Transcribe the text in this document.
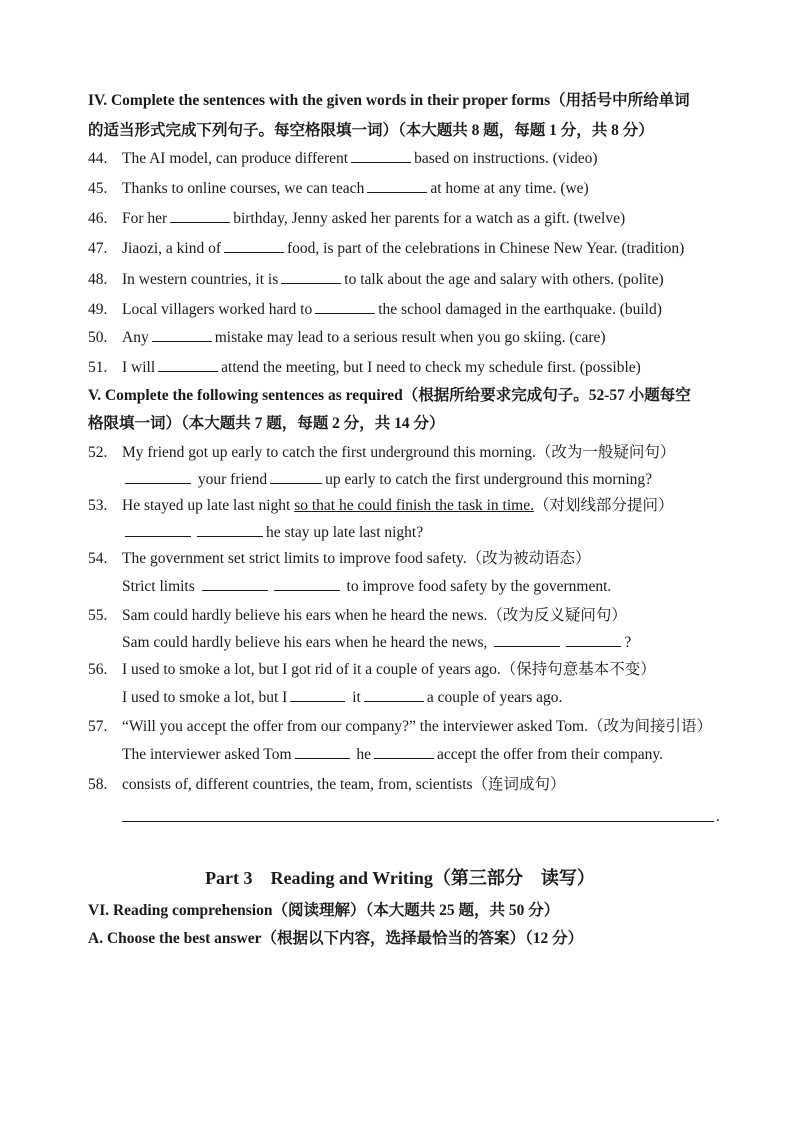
IV. Complete the sentences with the given words in their proper forms（用括号中所给单词
的适当形式完成下列句子。每空格限填一词）（本大题共 8 题，每题 1 分，共 8 分）
44. The AI model, can produce different	based on instructions. (video)
45. Thanks to online courses, we can teach	at home at any time. (we)
46. For her	birthday, Jenny asked her parents for a watch as a gift. (twelve)
47. Jiaozi, a kind of	food, is part of the celebrations in Chinese New Year. (tradition)
48. In western countries, it is	to talk about the age and salary with others. (polite)
49. Local villagers worked hard to	the school damaged in the earthquake. (build)
50. Any	mistake may lead to a serious result when you go skiing. (care)
51. I will	attend the meeting, but I need to check my schedule first. (possible)
V. Complete the following sentences as required（根据所给要求完成句子。52-57 小题每空
格限填一词）（本大题共 7 题，每题 2 分，共 14 分）
52. My friend got up early to catch the first underground this morning.（改为一般疑问句）
your friend	up early to catch the first underground this morning?
53. He stayed up late last night so that he could finish the task in time.（对划线部分提问）
he stay up late last night?
54. The government set strict limits to improve food safety.（改为被动语态）
Strict limits	to improve food safety by the government.
55. Sam could hardly believe his ears when he heard the news.（改为反义疑问句）
Sam could hardly believe his ears when he heard the news,	?
56. I used to smoke a lot, but I got rid of it a couple of years ago.（保持句意基本不变）
I used to smoke a lot, but I	it	a couple of years ago.
57. “Will you accept the offer from our company?” the interviewer asked Tom.（改为间接引语）
The interviewer asked Tom	he	accept the offer from their company.
58. consists of, different countries, the team, from, scientists（连词成句）
.
Part 3　Reading and Writing（第三部分　读写）
VI. Reading comprehension（阅读理解）（本大题共 25 题，共 50 分）
A. Choose the best answer（根据以下内容，选择最恰当的答案）（12 分）
